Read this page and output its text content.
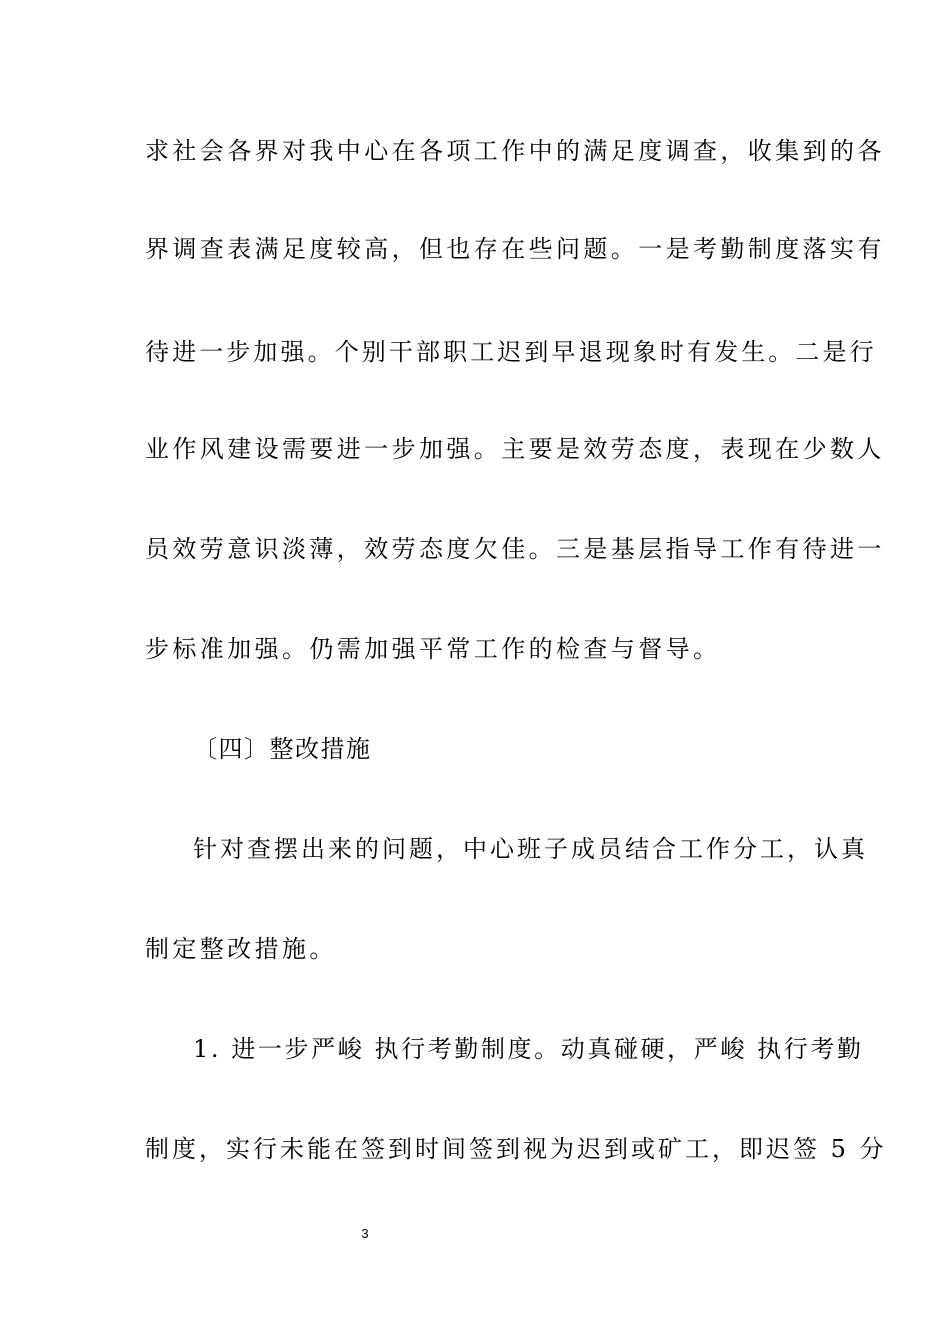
求社会各界对我中心在各项工作中的满足度调查，收集到的各
界调查表满足度较高，但也存在些问题。一是考勤制度落实有
待进一步加强。个别干部职工迟到早退现象时有发生。二是行
业作风建设需要进一步加强。主要是效劳态度，表现在少数人
员效劳意识淡薄，效劳态度欠佳。三是基层指导工作有待进一
步标准加强。仍需加强平常工作的检查与督导。
〔四〕整改措施
针对查摆出来的问题，中心班子成员结合工作分工，认真
制定整改措施。
1. 进一步严峻 执行考勤制度。动真碰硬，严峻 执行考勤
制度，实行未能在签到时间签到视为迟到或矿工，即迟签 5 分
3
